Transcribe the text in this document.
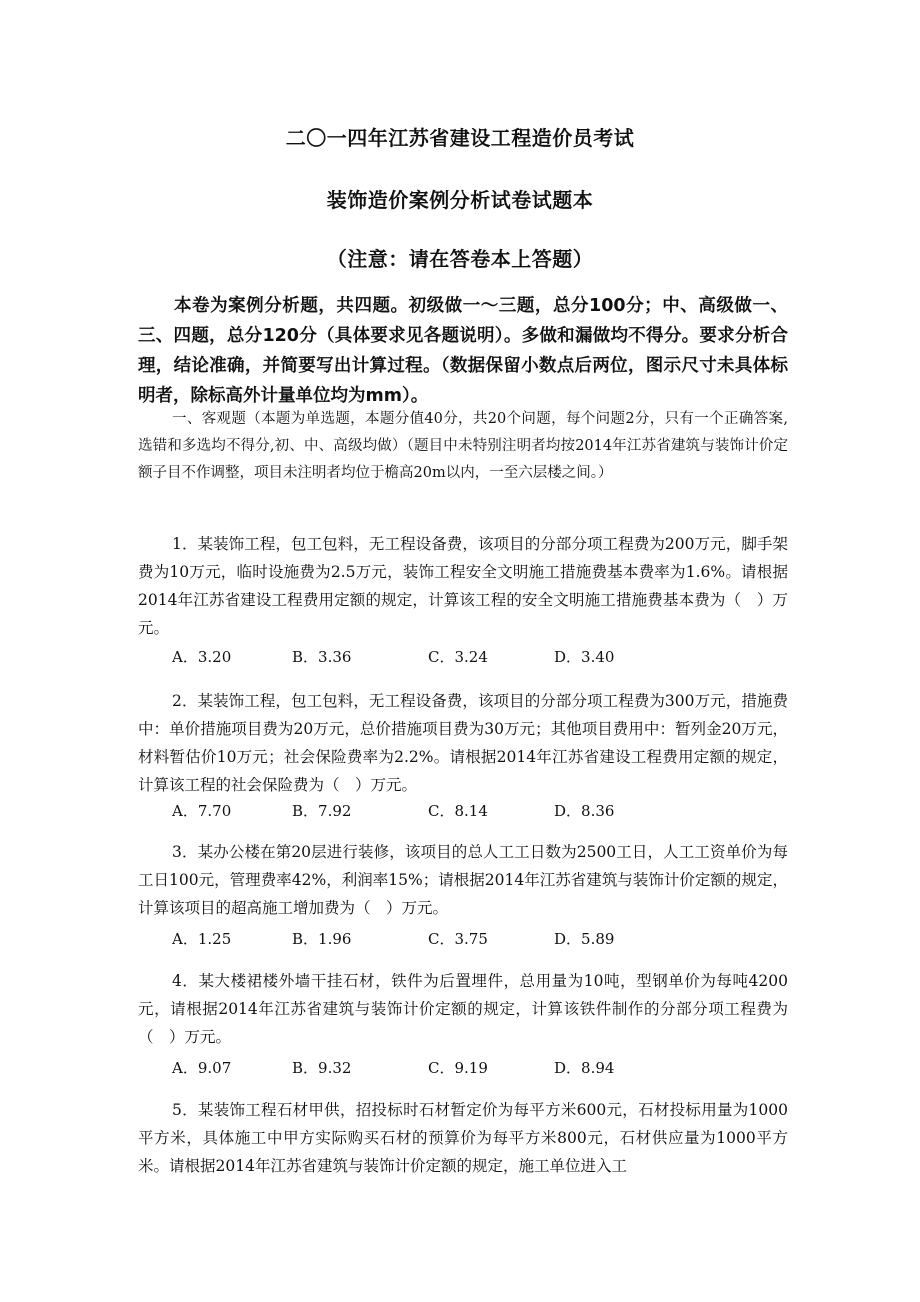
二〇一四年江苏省建设工程造价员考试
装饰造价案例分析试卷试题本
（注意：请在答卷本上答题）

本卷为案例分析题，共四题。初级做一～三题，总分100分；中、高级做一、三、四题，总分120分（具体要求见各题说明）。多做和漏做均不得分。要求分析合理，结论准确，并简要写出计算过程。（数据保留小数点后两位，图示尺寸未具体标明者，除标高外计量单位均为mm）。

一、客观题（本题为单选题，本题分值40分，共20个问题，每个问题2分，只有一个正确答案,选错和多选均不得分,初、中、高级均做）（题目中未特别注明者均按2014年江苏省建筑与装饰计价定额子目不作调整，项目未注明者均位于檐高20m以内，一至六层楼之间。）

1．某装饰工程，包工包料，无工程设备费，该项目的分部分项工程费为200万元，脚手架费为10万元，临时设施费为2.5万元，装饰工程安全文明施工措施费基本费率为1.6%。请根据2014年江苏省建设工程费用定额的规定，计算该工程的安全文明施工措施费基本费为（　）万元。

A．3.20	B．3.36	C．3.24	D．3.40

2．某装饰工程，包工包料，无工程设备费，该项目的分部分项工程费为300万元，措施费中：单价措施项目费为20万元，总价措施项目费为30万元；其他项目费用中：暂列金20万元，材料暂估价10万元；社会保险费率为2.2%。请根据2014年江苏省建设工程费用定额的规定，计算该工程的社会保险费为（　）万元。

A．7.70	B．7.92	C．8.14	D．8.36

3．某办公楼在第20层进行装修，该项目的总人工工日数为2500工日，人工工资单价为每工日100元，管理费率42%，利润率15%；请根据2014年江苏省建筑与装饰计价定额的规定，计算该项目的超高施工增加费为（　）万元。

A．1.25	B．1.96	C．3.75	D．5.89

4．某大楼裙楼外墙干挂石材，铁件为后置埋件，总用量为10吨，型钢单价为每吨4200元，请根据2014年江苏省建筑与装饰计价定额的规定，计算该铁件制作的分部分项工程费为（　）万元。

A．9.07	B．9.32	C．9.19	D．8.94

5．某装饰工程石材甲供，招投标时石材暂定价为每平方米600元，石材投标用量为1000平方米，具体施工中甲方实际购买石材的预算价为每平方米800元，石材供应量为1000平方米。请根据2014年江苏省建筑与装饰计价定额的规定，施工单位进入工
